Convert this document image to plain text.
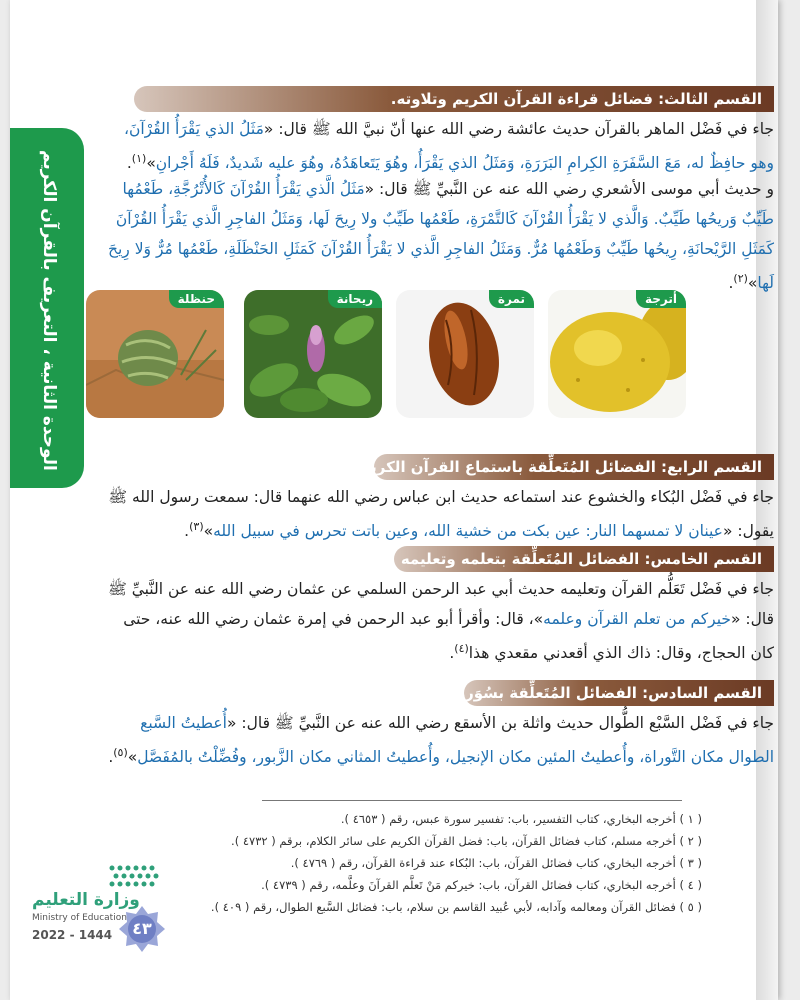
الوحدة الثانية ، التعريف بالقرآن الكريم
القسم الثالث: فضائل قراءة القرآن الكريم وتلاوته.
جاء في فَضْل الماهر بالقرآن حديث عائشة رضي الله عنها أنّ نبيَّ الله ﷺ قال: «مَثَلُ الذي يَقْرَأُ القُرْآنَ، وهو حافِظٌ له، مَعَ السَّفَرَةِ الكِرامِ البَرَرَةِ، وَمَثَلُ الذي يَقْرَأُ، وهُوَ يَتَعاهَدُهُ، وهُوَ عليه شَديدٌ، فَلَهُ أَجْرانِ»$^{(١)}$.
و حديث أبي موسى الأشعري رضي الله عنه عن النَّبيِّ ﷺ قال: «مَثَلُ الَّذي يَقْرَأُ القُرْآنَ كَالأُتْرُجَّةِ، طَعْمُها طَيِّبٌ وَريحُها طَيِّبٌ. وَالَّذي لا يَقْرَأُ القُرْآنَ كَالتَّمْرَةِ، طَعْمُها طَيِّبٌ ولا رِيحَ لَها، وَمَثَلُ الفاجِرِ الَّذي يَقْرَأُ القُرْآنَ كَمَثَلِ الرَّيْحانَةِ، رِيحُها طَيِّبٌ وَطَعْمُها مُرٌّ. وَمَثَلُ الفاجِرِ الَّذي لا يَقْرَأُ القُرْآنَ كَمَثَلِ الحَنْظَلَةِ، طَعْمُها مُرٌّ وَلا رِيحَ لَها»$^{(٢)}$.
القسم الرابع: الفضائل المُتَعلِّقة باستماع القرآن الكريم
جاء في فَضْل البُكاء والخشوع عند استماعه حديث ابن عباس رضي الله عنهما قال: سمعت رسول الله ﷺ يقول: «عينان لا تمسهما النار: عين بكت من خشية الله، وعين باتت تحرس في سبيل الله»$^{(٣)}$.
القسم الخامس: الفضائل المُتَعلِّقة بتعلمه وتعليمه
جاء في فَضْل تَعَلُّم القرآن وتعليمه حديث أبي عبد الرحمن السلمي عن عثمان رضي الله عنه عن النَّبيِّ ﷺ قال: «خيركم من تعلم القرآن وعلمه»، قال: وأقرأ أبو عبد الرحمن في إمرة عثمان رضي الله عنه، حتى كان الحجاج، وقال: ذاك الذي أقعدني مقعدي هذا$^{(٤)}$.
القسم السادس: الفضائل المُتَعلِّقة بسُوَره
جاء في فَضْل السَّبْع الطُّوال حديث واثلة بن الأسقع رضي الله عنه عن النَّبيِّ ﷺ قال: «أُعطيتُ السَّبع الطوال مكان التَّوراة، وأُعطيتُ المئين مكان الإنجيل، وأُعطيتُ المثاني مكان الزَّبور، وفُضِّلْتُ بالمُفَصَّل»$^{(٥)}$.
حنظلة	ريحانة	تمرة	أترجة
( ١ ) أخرجه البخاري، كتاب التفسير، باب: تفسير سورة عبس، رقم ( ٤٦٥٣ ).
( ٢ ) أخرجه مسلم، كتاب فضائل القرآن، باب: فضل القرآن الكريم على سائر الكلام، برقم ( ٤٧٣٢ ).
( ٣ ) أخرجه البخاري، كتاب فضائل القرآن، باب: البُكاء عند قراءة القرآن، رقم ( ٤٧٦٩ ).
( ٤ ) أخرجه البخاري، كتاب فضائل القرآن، باب: خيركم مَنْ تَعلَّم القرآنَ وعلَّمه، رقم ( ٤٧٣٩ ).
( ٥ ) فضائل القرآن ومعالمه وآدابه، لأبي عُبيد القاسم بن سلام، باب: فضائل السَّبع الطوال، رقم ( ٤٠٩ ).
وزارة التعليم
Ministry of Education
2022 - 1444	٤٣
